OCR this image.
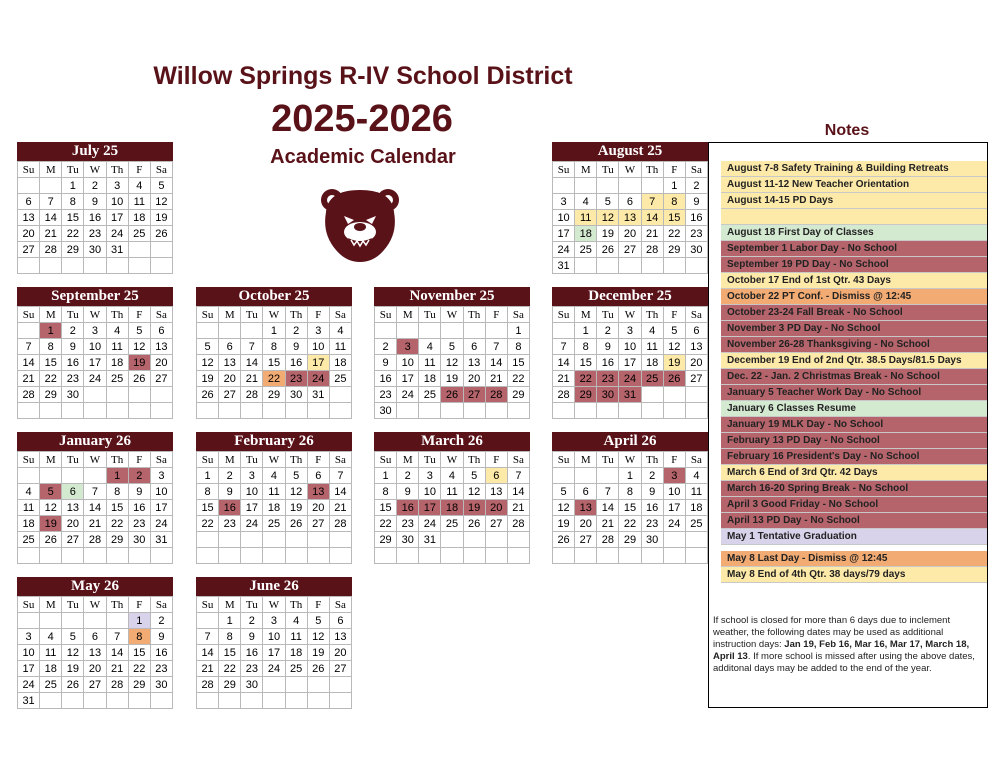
Willow Springs R-IV School District
2025-2026
Academic Calendar
Notes
July 25
Su	M	Tu	W	Th	F	Sa
		1	2	3	4	5
6	7	8	9	10	11	12
13	14	15	16	17	18	19
20	21	22	23	24	25	26
27	28	29	30	31		

August 25
Su	M	Tu	W	Th	F	Sa
					1	2
3	4	5	6	7	8	9
10	11	12	13	14	15	16
17	18	19	20	21	22	23
24	25	26	27	28	29	30
31						
September 25
Su	M	Tu	W	Th	F	Sa
	1	2	3	4	5	6
7	8	9	10	11	12	13
14	15	16	17	18	19	20
21	22	23	24	25	26	27
28	29	30				

October 25
Su	M	Tu	W	Th	F	Sa
			1	2	3	4
5	6	7	8	9	10	11
12	13	14	15	16	17	18
19	20	21	22	23	24	25
26	27	28	29	30	31	

November 25
Su	M	Tu	W	Th	F	Sa
						1
2	3	4	5	6	7	8
9	10	11	12	13	14	15
16	17	18	19	20	21	22
23	24	25	26	27	28	29
30						
December 25
Su	M	Tu	W	Th	F	Sa
	1	2	3	4	5	6
7	8	9	10	11	12	13
14	15	16	17	18	19	20
21	22	23	24	25	26	27
28	29	30	31			

January 26
Su	M	Tu	W	Th	F	Sa
				1	2	3
4	5	6	7	8	9	10
11	12	13	14	15	16	17
18	19	20	21	22	23	24
25	26	27	28	29	30	31

February 26
Su	M	Tu	W	Th	F	Sa
1	2	3	4	5	6	7
8	9	10	11	12	13	14
15	16	17	18	19	20	21
22	23	24	25	26	27	28

March 26
Su	M	Tu	W	Th	F	Sa
1	2	3	4	5	6	7
8	9	10	11	12	13	14
15	16	17	18	19	20	21
22	23	24	25	26	27	28
29	30	31				

April 26
Su	M	Tu	W	Th	F	Sa
			1	2	3	4
5	6	7	8	9	10	11
12	13	14	15	16	17	18
19	20	21	22	23	24	25
26	27	28	29	30		

May 26
Su	M	Tu	W	Th	F	Sa
					1	2
3	4	5	6	7	8	9
10	11	12	13	14	15	16
17	18	19	20	21	22	23
24	25	26	27	28	29	30
31						
June 26
Su	M	Tu	W	Th	F	Sa
	1	2	3	4	5	6
7	8	9	10	11	12	13
14	15	16	17	18	19	20
21	22	23	24	25	26	27
28	29	30				

August 7-8 Safety Training & Building Retreats
August 11-12 New Teacher Orientation
August 14-15 PD Days
August 18 First Day of Classes
September 1 Labor Day - No School
September 19 PD Day - No School
October 17 End of 1st Qtr. 43 Days
October 22 PT Conf. - Dismiss @ 12:45
October 23-24 Fall Break - No School
November 3 PD Day - No School
November 26-28 Thanksgiving - No School
December 19 End of 2nd Qtr. 38.5 Days/81.5 Days
Dec. 22 - Jan. 2 Christmas Break - No School
January 5 Teacher Work Day - No School
January 6 Classes Resume
January 19 MLK Day - No School
February 13 PD Day - No School
February 16 President's Day - No School
March 6 End of 3rd Qtr. 42 Days
March 16-20 Spring Break - No School
April 3 Good Friday - No School
April 13 PD Day - No School
May 1 Tentative Graduation
May 8 Last Day - Dismiss @ 12:45
May 8 End of 4th Qtr. 38 days/79 days
If school is closed for more than 6 days due to inclement weather, the following dates may be used as additional instruction days: Jan 19, Feb 16, Mar 16, Mar 17, March 18, April 13. If more school is missed after using the above dates, additonal days may be added to the end of the year.
